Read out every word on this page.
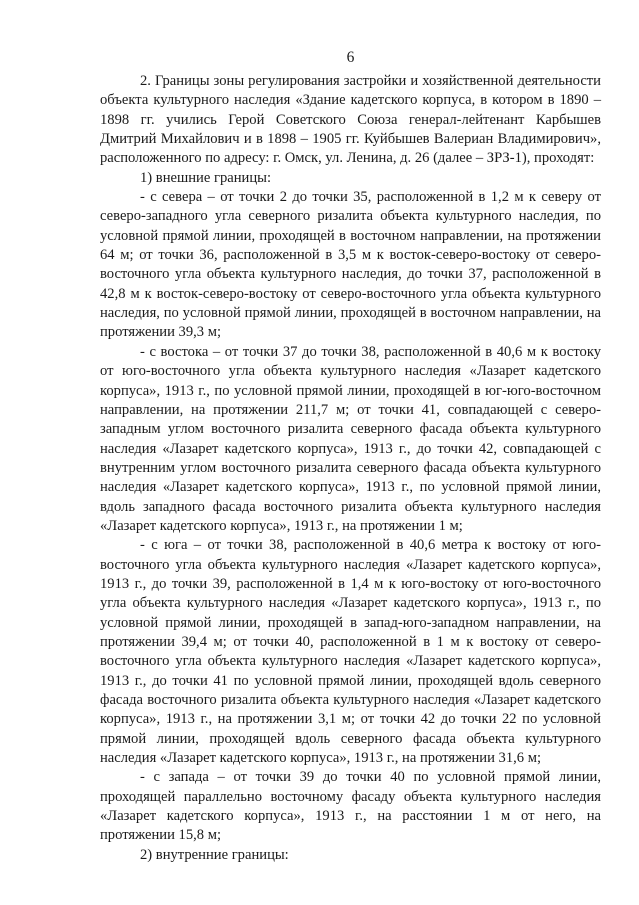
6

2. Границы зоны регулирования застройки и хозяйственной деятельности объекта культурного наследия «Здание кадетского корпуса, в котором в 1890 – 1898 гг. учились Герой Советского Союза генерал-лейтенант Карбышев Дмитрий Михайлович и в 1898 – 1905 гг. Куйбышев Валериан Владимирович», расположенного по адресу: г. Омск, ул. Ленина, д. 26 (далее – ЗРЗ-1), проходят:

1) внешние границы:

- с севера – от точки 2 до точки 35, расположенной в 1,2 м к северу от северо-западного угла северного ризалита объекта культурного наследия, по условной прямой линии, проходящей в восточном направлении, на протяжении 64 м; от точки 36, расположенной в 3,5 м к восток-северо-востоку от северо-восточного угла объекта культурного наследия, до точки 37, расположенной в 42,8 м к восток-северо-востоку от северо-восточного угла объекта культурного наследия, по условной прямой линии, проходящей в восточном направлении, на протяжении 39,3 м;

- с востока – от точки 37 до точки 38, расположенной в 40,6 м к востоку от юго-восточного угла объекта культурного наследия «Лазарет кадетского корпуса», 1913 г., по условной прямой линии, проходящей в юг-юго-восточном направлении, на протяжении 211,7 м; от точки 41, совпадающей с северо-западным углом восточного ризалита северного фасада объекта культурного наследия «Лазарет кадетского корпуса», 1913 г., до точки 42, совпадающей с внутренним углом восточного ризалита северного фасада объекта культурного наследия «Лазарет кадетского корпуса», 1913 г., по условной прямой линии, вдоль западного фасада восточного ризалита объекта культурного наследия «Лазарет кадетского корпуса», 1913 г., на протяжении 1 м;

- с юга – от точки 38, расположенной в 40,6 метра к востоку от юго-восточного угла объекта культурного наследия «Лазарет кадетского корпуса», 1913 г., до точки 39, расположенной в 1,4 м к юго-востоку от юго-восточного угла объекта культурного наследия «Лазарет кадетского корпуса», 1913 г., по условной прямой линии, проходящей в запад-юго-западном направлении, на протяжении 39,4 м; от точки 40, расположенной в 1 м к востоку от северо-восточного угла объекта культурного наследия «Лазарет кадетского корпуса», 1913 г., до точки 41 по условной прямой линии, проходящей вдоль северного фасада восточного ризалита объекта культурного наследия «Лазарет кадетского корпуса», 1913 г., на протяжении 3,1 м; от точки 42 до точки 22 по условной прямой линии, проходящей вдоль северного фасада объекта культурного наследия «Лазарет кадетского корпуса», 1913 г., на протяжении 31,6 м;

- с запада – от точки 39 до точки 40 по условной прямой линии, проходящей параллельно восточному фасаду объекта культурного наследия «Лазарет кадетского корпуса», 1913 г., на расстоянии 1 м от него, на протяжении 15,8 м;

2) внутренние границы:
